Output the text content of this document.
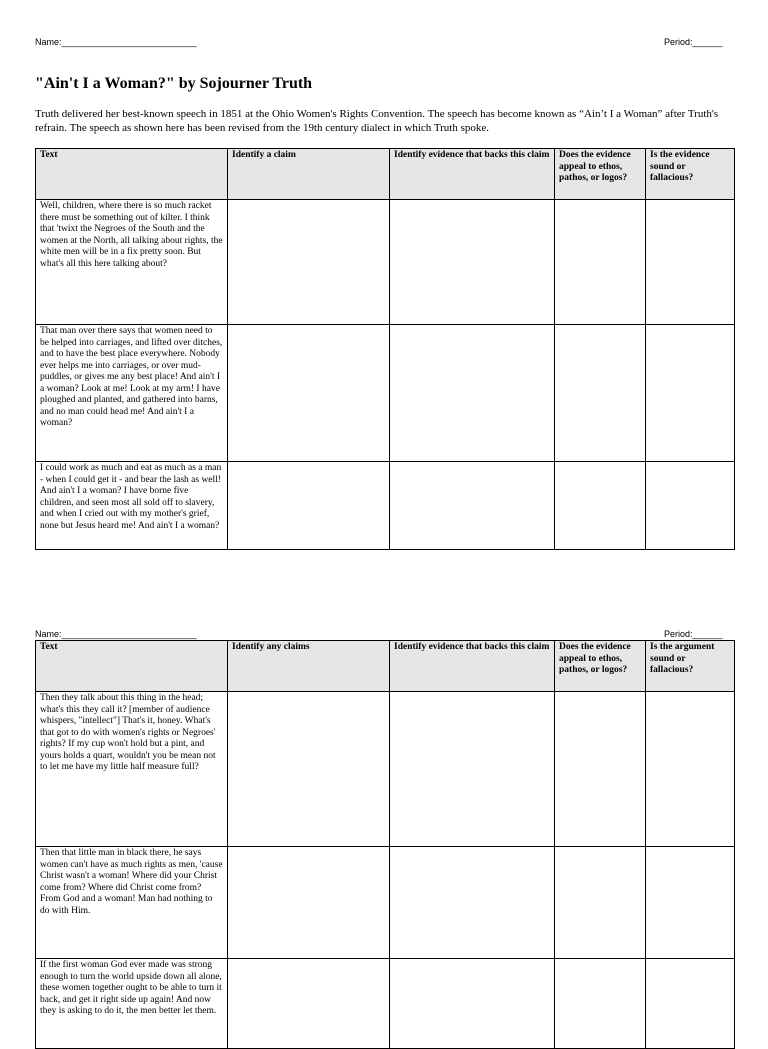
Name:___________________________	Period:______
"Ain't I a Woman?" by Sojourner Truth

Truth delivered her best-known speech in 1851 at the Ohio Women's Rights Convention. The speech has become known as “Ain’t I a Woman” after Truth's refrain. The speech as shown here has been revised from the 19th century dialect in which Truth spoke.

Text	Identify a claim	Identify evidence that backs this claim	Does the evidence appeal to ethos, pathos, or logos?	Is the evidence sound or fallacious?
Well, children, where there is so much racket there must be something out of kilter. I think that 'twixt the Negroes of the South and the women at the North, all talking about rights, the white men will be in a fix pretty soon. But what's all this here talking about?				
That man over there says that women need to be helped into carriages, and lifted over ditches, and to have the best place everywhere. Nobody ever helps me into carriages, or over mud-puddles, or gives me any best place! And ain't I a woman? Look at me! Look at my arm! I have ploughed and planted, and gathered into barns, and no man could head me! And ain't I a woman?				
I could work as much and eat as much as a man - when I could get it - and bear the lash as well! And ain't I a woman? I have borne five children, and seen most all sold off to slavery, and when I cried out with my mother's grief, none but Jesus heard me! And ain't I a woman?				
Name:___________________________	Period:______
Text	Identify any claims	Identify evidence that backs this claim	Does the evidence appeal to ethos, pathos, or logos?	Is the argument sound or fallacious?
Then they talk about this thing in the head; what's this they call it? [member of audience whispers, "intellect"] That's it, honey. What's that got to do with women's rights or Negroes' rights? If my cup won't hold but a pint, and yours holds a quart, wouldn't you be mean not to let me have my little half measure full?				
Then that little man in black there, he says women can't have as much rights as men, 'cause Christ wasn't a woman! Where did your Christ come from? Where did Christ come from? From God and a woman! Man had nothing to do with Him.				
If the first woman God ever made was strong enough to turn the world upside down all alone, these women together ought to be able to turn it back, and get it right side up again! And now they is asking to do it, the men better let them.				
